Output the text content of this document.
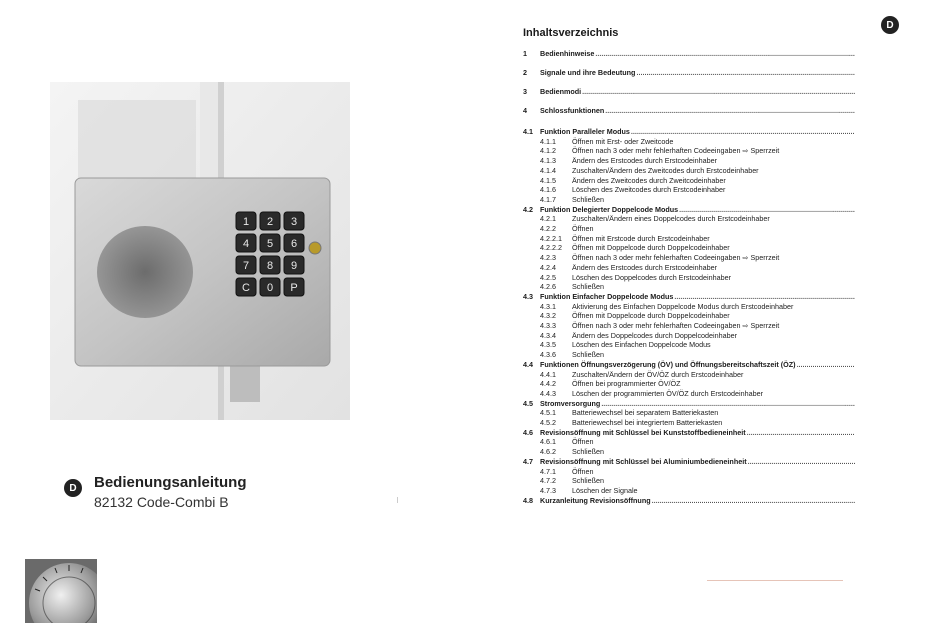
1 2 3
4 5 6
7 8 9
C 0 P
D	Bedienungsanleitung

82132 Code-Combi B

D
Inhaltsverzeichnis
1	Bedienhinweise
.....
2	Signale und ihre Bedeutung
.....
3	Bedienmodi
.....
4	Schlossfunktionen
.....
4.1 Funktion Paralleler Modus
.....
4.1.1	Öffnen mit Erst- oder Zweitcode
4.1.2	Öffnen nach 3 oder mehr fehlerhaften Codeeingaben ⇨ Sperrzeit
4.1.3	Ändern des Erstcodes durch Erstcodeinhaber
4.1.4	Zuschalten/Ändern des Zweitcodes durch Erstcodeinhaber
4.1.5	Ändern des Zweitcodes durch Zweitcodeinhaber
4.1.6	Löschen des Zweitcodes durch Erstcodeinhaber
4.1.7	Schließen
4.2 Funktion Delegierter Doppelcode Modus
.....
4.2.1	Zuschalten/Ändern eines Doppelcodes durch Erstcodeinhaber
4.2.2	Öffnen
4.2.2.1	Öffnen mit Erstcode durch Erstcodeinhaber
4.2.2.2	Öffnen mit Doppelcode durch Doppelcodeinhaber
4.2.3	Öffnen nach 3 oder mehr fehlerhaften Codeeingaben ⇨ Sperrzeit
4.2.4	Ändern des Erstcodes durch Erstcodeinhaber
4.2.5	Löschen des Doppelcodes durch Erstcodeinhaber
4.2.6	Schließen
4.3 Funktion Einfacher Doppelcode Modus
.....
4.3.1	Aktivierung des Einfachen Doppelcode Modus durch Erstcodeinhaber
4.3.2	Öffnen mit Doppelcode durch Doppelcodeinhaber
4.3.3	Öffnen nach 3 oder mehr fehlerhaften Codeeingaben ⇨ Sperrzeit
4.3.4	Ändern des Doppelcodes durch Doppelcodeinhaber
4.3.5	Löschen des Einfachen Doppelcode Modus
4.3.6	Schließen
4.4 Funktionen Öffnungsverzögerung (ÖV) und Öffnungsbereitschaftszeit (ÖZ)
.....
4.4.1	Zuschalten/Ändern der ÖV/ÖZ durch Erstcodeinhaber
4.4.2	Öffnen bei programmierter ÖV/ÖZ
4.4.3	Löschen der programmierten ÖV/ÖZ durch Erstcodeinhaber
4.5 Stromversorgung
.....
4.5.1	Batteriewechsel bei separatem Batteriekasten
4.5.2	Batteriewechsel bei integriertem Batteriekasten
4.6 Revisionsöffnung mit Schlüssel bei Kunststoffbedieneinheit
.....
4.6.1	Öffnen
4.6.2	Schließen
4.7 Revisionsöffnung mit Schlüssel bei Aluminiumbedieneinheit
.....
4.7.1	Öffnen
4.7.2	Schließen
4.7.3	Löschen der Signale
4.8 Kurzanleitung Revisionsöffnung
.....
